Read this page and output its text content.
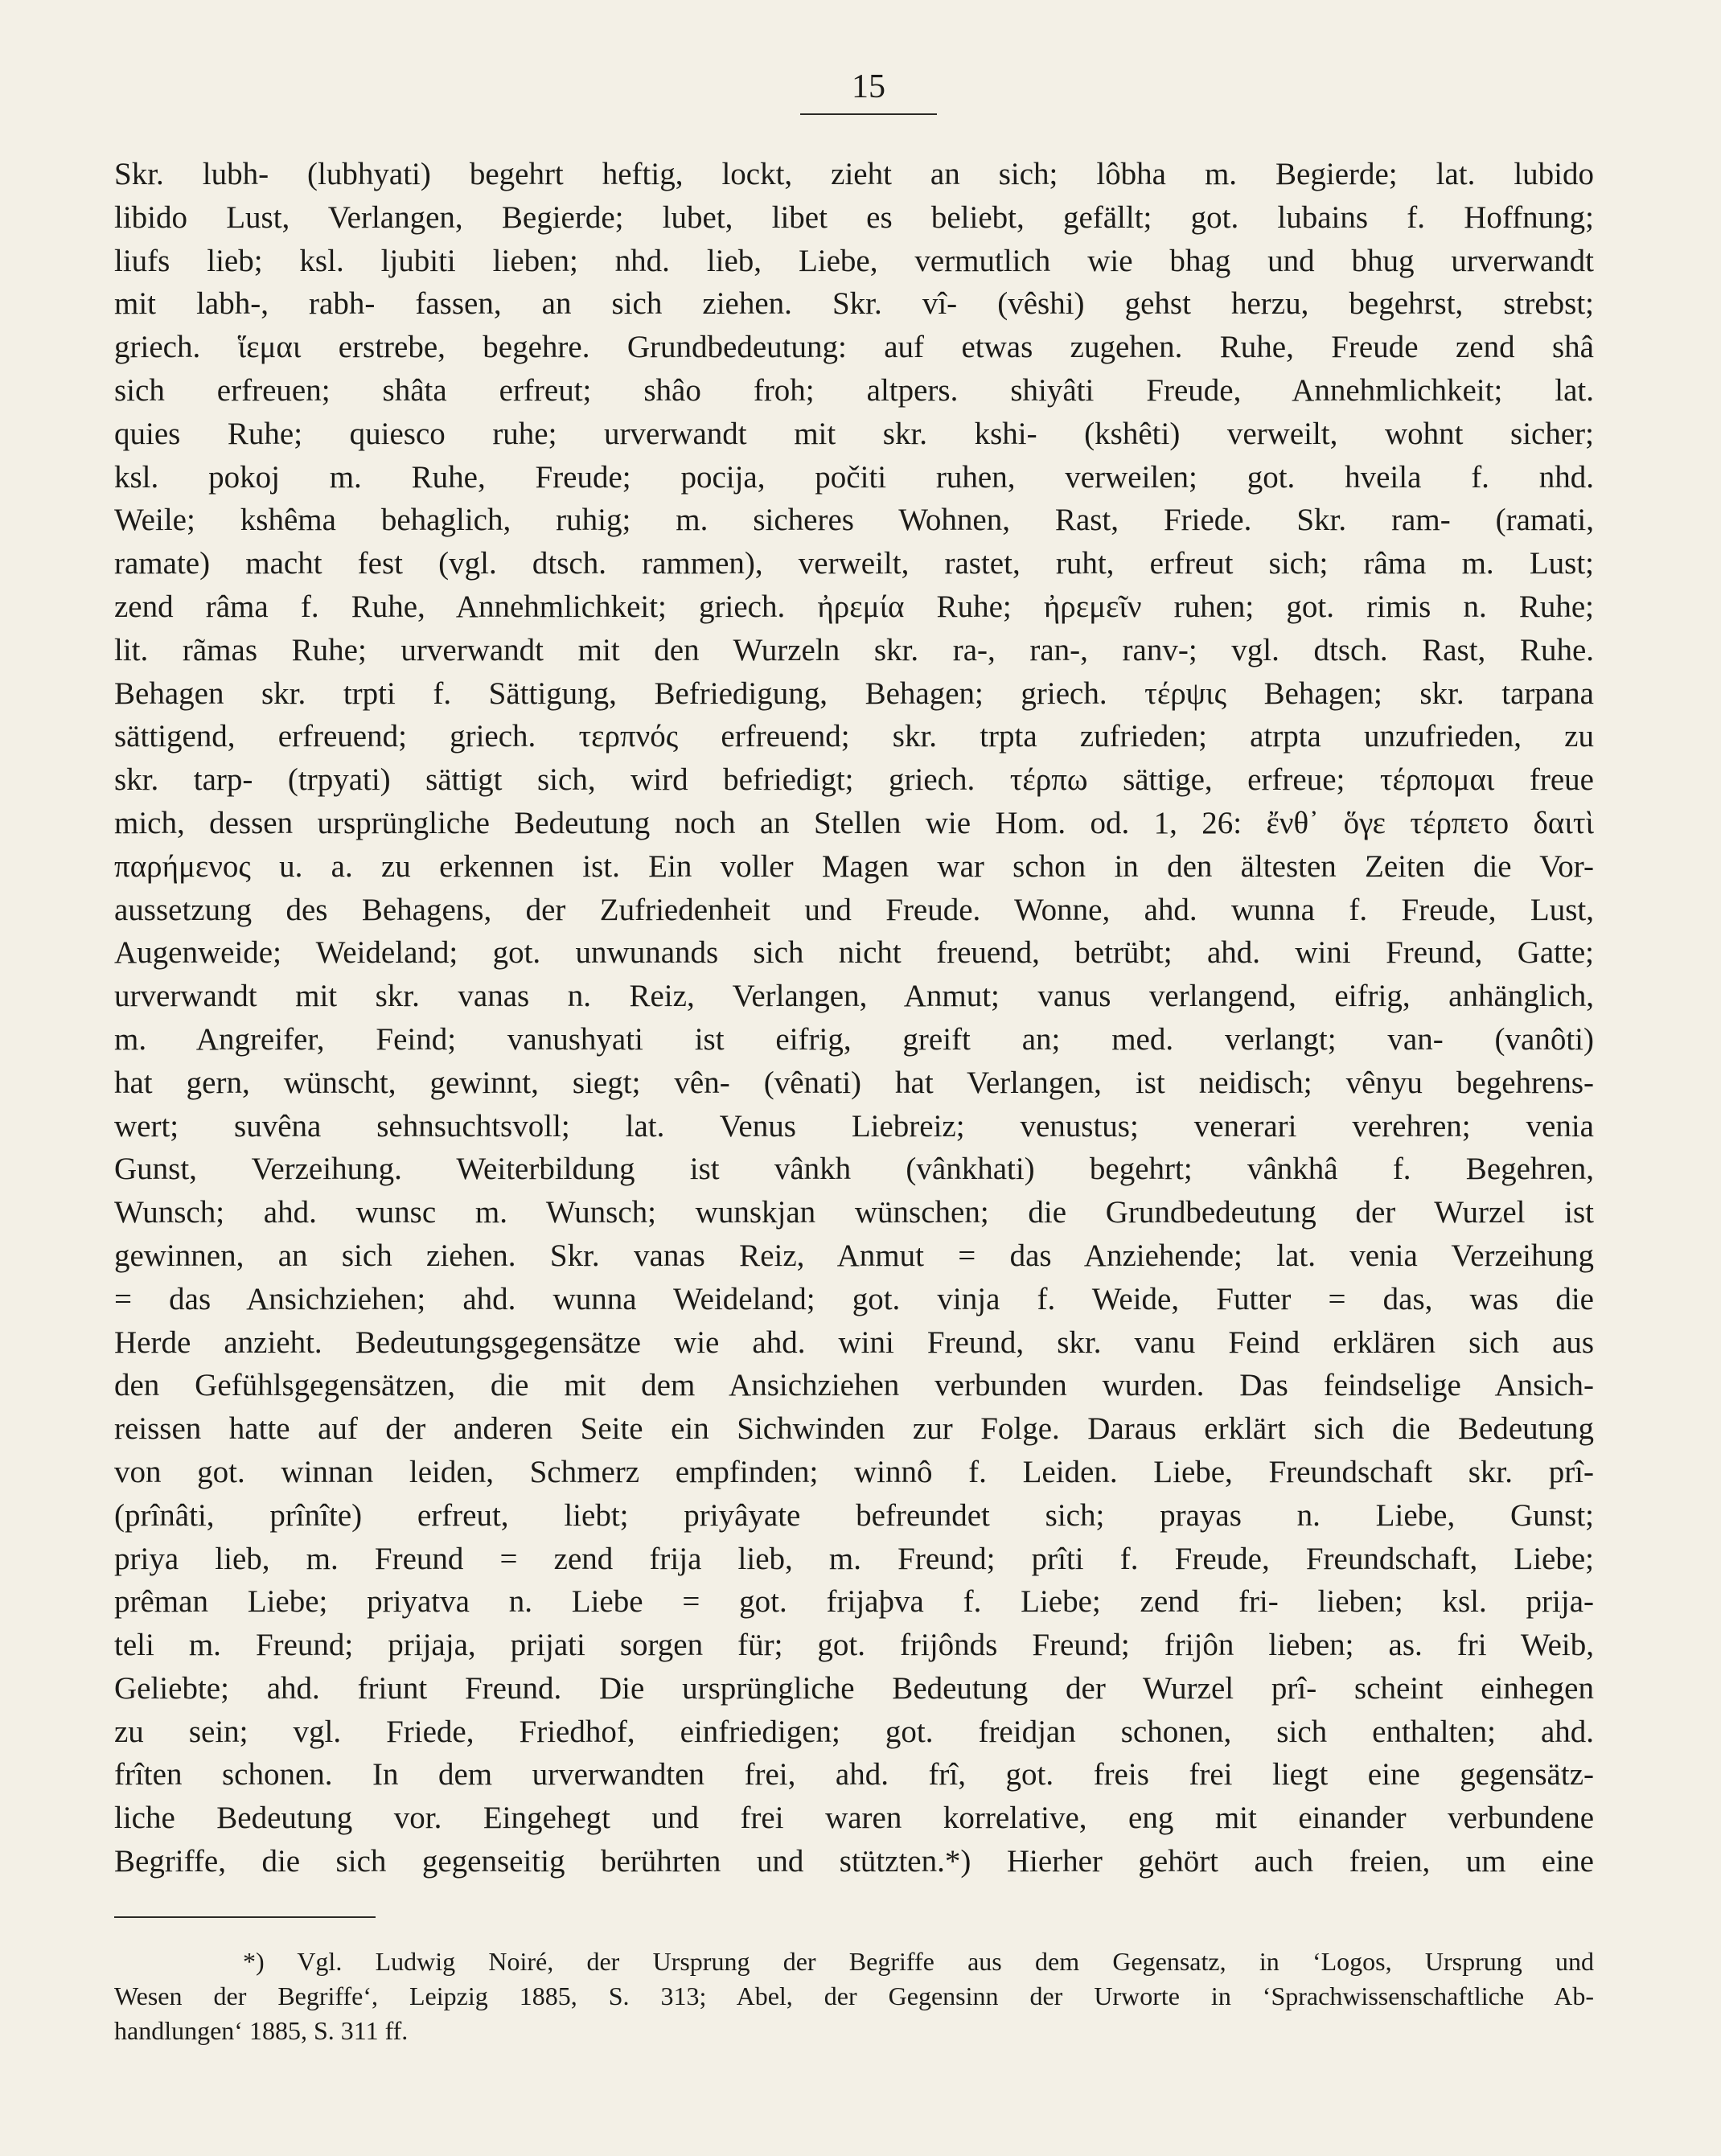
15
Skr. lubh- (lubhyati) begehrt heftig, lockt, zieht an sich; lôbha m. Begierde; lat. lubido
libido Lust, Verlangen, Begierde; lubet, libet es beliebt, gefällt; got. lubains f. Hoffnung;
liufs lieb; ksl. ljubiti lieben; nhd. lieb, Liebe, vermutlich wie bhag und bhug urverwandt
mit labh-, rabh- fassen, an sich ziehen. Skr. vî- (vêshi) gehst herzu, begehrst, strebst;
griech. ἵεμαι erstrebe, begehre. Grundbedeutung: auf etwas zugehen. Ruhe, Freude zend shâ
sich erfreuen; shâta erfreut; shâo froh; altpers. shiyâti Freude, Annehmlichkeit; lat.
quies Ruhe; quiesco ruhe; urverwandt mit skr. kshi- (kshêti) verweilt, wohnt sicher;
ksl. pokoj m. Ruhe, Freude; pocija, počiti ruhen, verweilen; got. hveila f. nhd.
Weile; kshêma behaglich, ruhig; m. sicheres Wohnen, Rast, Friede. Skr. ram- (ramati,
ramate) macht fest (vgl. dtsch. rammen), verweilt, rastet, ruht, erfreut sich; râma m. Lust;
zend râma f. Ruhe, Annehmlichkeit; griech. ἠρεμία Ruhe; ἠρεμεῖν ruhen; got. rimis n. Ruhe;
lit. rãmas Ruhe; urverwandt mit den Wurzeln skr. ra-, ran-, ranv-; vgl. dtsch. Rast, Ruhe.
Behagen skr. trpti f. Sättigung, Befriedigung, Behagen; griech. τέρψις Behagen; skr. tarpana
sättigend, erfreuend; griech. τερπνός erfreuend; skr. trpta zufrieden; atrpta unzufrieden, zu
skr. tarp- (trpyati) sättigt sich, wird befriedigt; griech. τέρπω sättige, erfreue; τέρπομαι freue
mich, dessen ursprüngliche Bedeutung noch an Stellen wie Hom. od. 1, 26: ἔνθ᾽ ὅγε τέρπετο δαιτὶ
παρήμενος u. a. zu erkennen ist. Ein voller Magen war schon in den ältesten Zeiten die Vor-
aussetzung des Behagens, der Zufriedenheit und Freude. Wonne, ahd. wunna f. Freude, Lust,
Augenweide; Weideland; got. unwunands sich nicht freuend, betrübt; ahd. wini Freund, Gatte;
urverwandt mit skr. vanas n. Reiz, Verlangen, Anmut; vanus verlangend, eifrig, anhänglich,
m. Angreifer, Feind; vanushyati ist eifrig, greift an; med. verlangt; van- (vanôti)
hat gern, wünscht, gewinnt, siegt; vên- (vênati) hat Verlangen, ist neidisch; vênyu begehrens-
wert; suvêna sehnsuchtsvoll; lat. Venus Liebreiz; venustus; venerari verehren; venia
Gunst, Verzeihung. Weiterbildung ist vânkh (vânkhati) begehrt; vânkhâ f. Begehren,
Wunsch; ahd. wunsc m. Wunsch; wunskjan wünschen; die Grundbedeutung der Wurzel ist
gewinnen, an sich ziehen. Skr. vanas Reiz, Anmut = das Anziehende; lat. venia Verzeihung
= das Ansichziehen; ahd. wunna Weideland; got. vinja f. Weide, Futter = das, was die
Herde anzieht. Bedeutungsgegensätze wie ahd. wini Freund, skr. vanu Feind erklären sich aus
den Gefühlsgegensätzen, die mit dem Ansichziehen verbunden wurden. Das feindselige Ansich-
reissen hatte auf der anderen Seite ein Sichwinden zur Folge. Daraus erklärt sich die Bedeutung
von got. winnan leiden, Schmerz empfinden; winnô f. Leiden. Liebe, Freundschaft skr. prî-
(prînâti, prînîte) erfreut, liebt; priyâyate befreundet sich; prayas n. Liebe, Gunst;
priya lieb, m. Freund = zend frija lieb, m. Freund; prîti f. Freude, Freundschaft, Liebe;
prêman Liebe; priyatva n. Liebe = got. frijaþva f. Liebe; zend fri- lieben; ksl. prija-
teli m. Freund; prijaja, prijati sorgen für; got. frijônds Freund; frijôn lieben; as. fri Weib,
Geliebte; ahd. friunt Freund. Die ursprüngliche Bedeutung der Wurzel prî- scheint einhegen
zu sein; vgl. Friede, Friedhof, einfriedigen; got. freidjan schonen, sich enthalten; ahd.
frîten schonen. In dem urverwandten frei, ahd. frî, got. freis frei liegt eine gegensätz-
liche Bedeutung vor. Eingehegt und frei waren korrelative, eng mit einander verbundene
Begriffe, die sich gegenseitig berührten und stützten.*) Hierher gehört auch freien, um eine
*) Vgl. Ludwig Noiré, der Ursprung der Begriffe aus dem Gegensatz, in ‘Logos, Ursprung und
Wesen der Begriffe‘, Leipzig 1885, S. 313; Abel, der Gegensinn der Urworte in ‘Sprachwissenschaftliche Ab-
handlungen‘ 1885, S. 311 ff.
